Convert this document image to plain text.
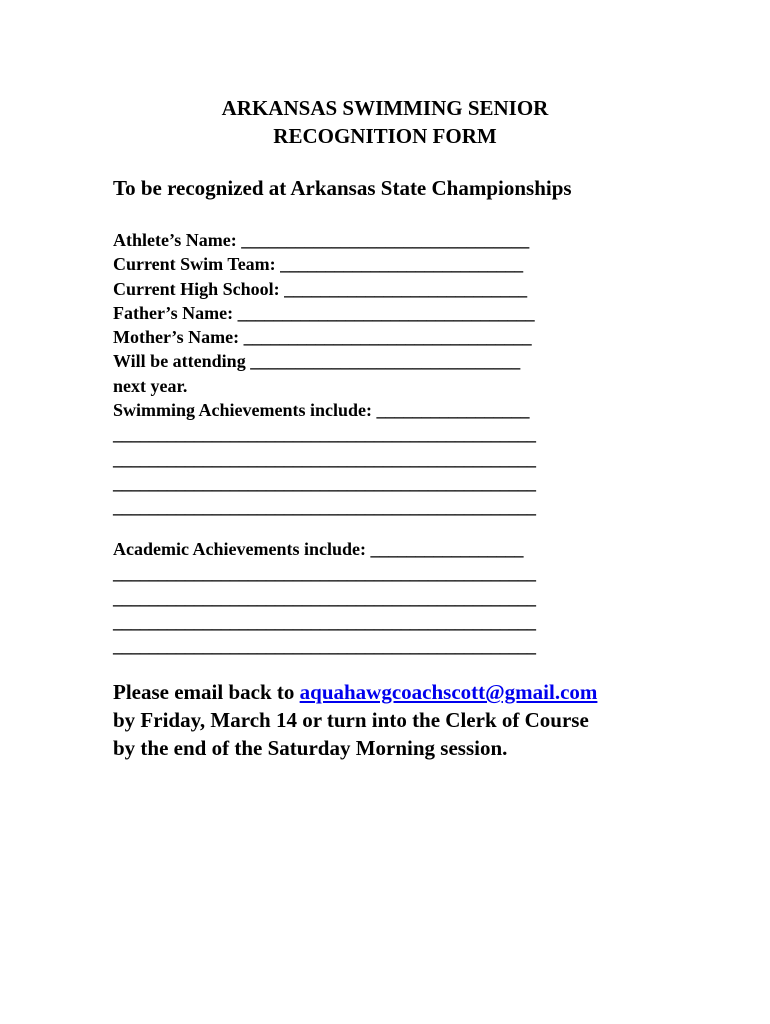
ARKANSAS SWIMMING SENIOR
RECOGNITION FORM
To be recognized at Arkansas State Championships
Athlete’s Name: ________________________________
Current Swim Team: ___________________________
Current High School: ___________________________
Father’s Name: _________________________________
Mother’s Name: ________________________________
Will be attending ______________________________
next year.
Swimming Achievements include: _________________
_______________________________________________
_______________________________________________
_______________________________________________
_______________________________________________
Academic Achievements include: _________________
_______________________________________________
_______________________________________________
_______________________________________________
_______________________________________________
Please email back to aquahawgcoachscott@gmail.com
by Friday, March 14 or turn into the Clerk of Course
by the end of the Saturday Morning session.
